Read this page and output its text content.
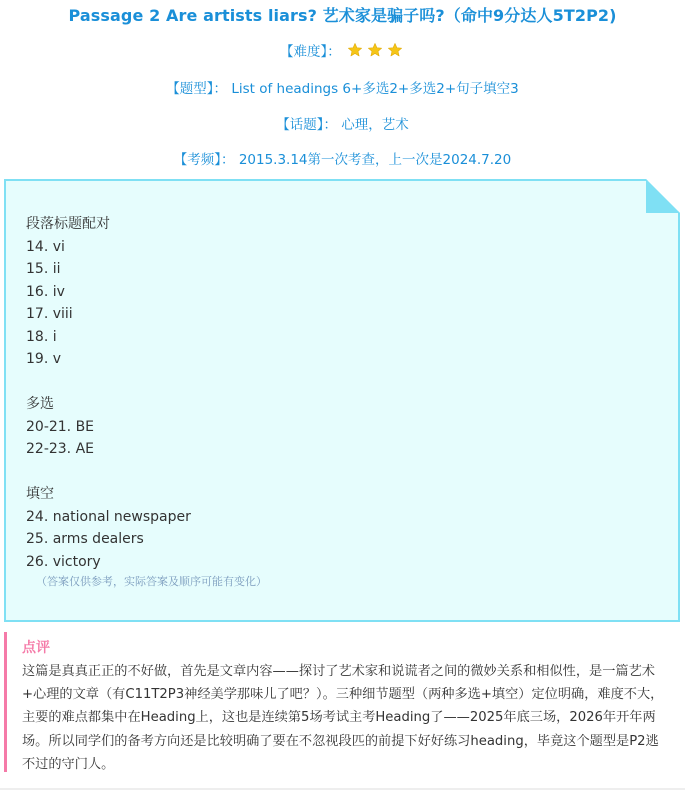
Passage 2 Are artists liars? 艺术家是骗子吗?（命中9分达人5T2P2)
【难度】：
【题型】： List of headings 6+多选2+多选2+句子填空3
【话题】： 心理，艺术
【考频】： 2015.3.14第一次考查，上一次是2024.7.20
段落标题配对
14. vi
15. ii
16. iv
17. viii
18. i
19. v
多选
20-21. BE
22-23. AE
填空
24. national newspaper
25. arms dealers
26. victory
（答案仅供参考，实际答案及顺序可能有变化）
点评
这篇是真真正正的不好做，首先是文章内容——探讨了艺术家和说谎者之间的微妙关系和相似性，是一篇艺术+心理的文章（有C11T2P3神经美学那味儿了吧？）。三种细节题型（两种多选+填空）定位明确，难度不大，主要的难点都集中在Heading上，这也是连续第5场考试主考Heading了——2025年底三场，2026年开年两场。所以同学们的备考方向还是比较明确了要在不忽视段匹的前提下好好练习heading，毕竟这个题型是P2逃不过的守门人。
